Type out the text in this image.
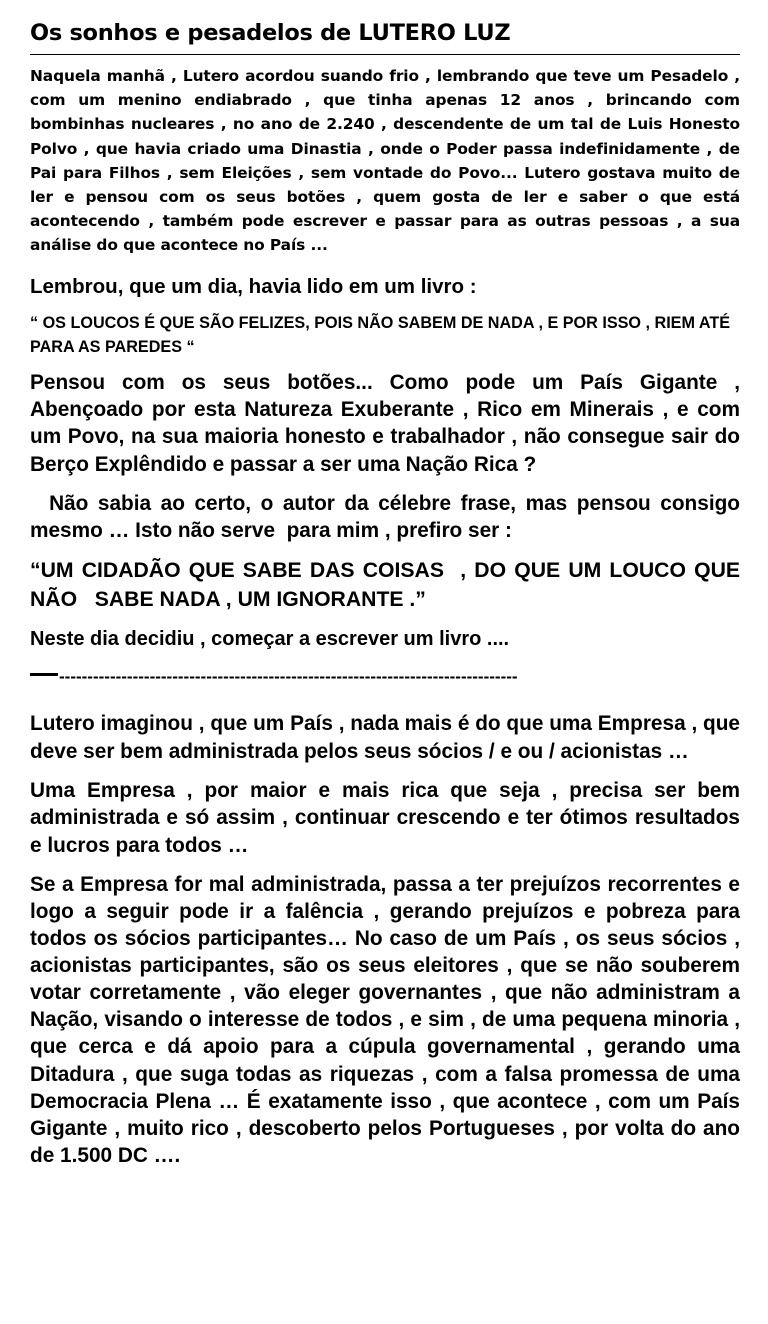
Os sonhos e pesadelos de LUTERO LUZ

Naquela manhã , Lutero acordou suando frio , lembrando que teve um Pesadelo , com um menino endiabrado , que tinha apenas 12 anos , brincando com bombinhas nucleares , no ano de 2.240 , descendente de um tal de Luis Honesto Polvo , que havia criado uma Dinastia , onde o Poder passa indefinidamente , de Pai para Filhos , sem Eleições , sem vontade do Povo... Lutero gostava muito de ler e pensou com os seus botões , quem gosta de ler e saber o que está acontecendo , também pode escrever e passar para as outras pessoas , a sua análise do que acontece no País ...

Lembrou, que um dia, havia lido em um livro :

“ OS LOUCOS É QUE SÃO FELIZES, POIS NÃO SABEM DE NADA , E POR ISSO , RIEM ATÉ PARA AS PAREDES “

Pensou com os seus botões... Como pode um País Gigante , Abençoado por esta Natureza Exuberante , Rico em Minerais , e com um Povo, na sua maioria honesto e trabalhador , não consegue sair do Berço Explêndido e passar a ser uma Nação Rica ?

Não sabia ao certo, o autor da célebre frase, mas pensou consigo mesmo … Isto não serve  para mim , prefiro ser :

“UM CIDADÃO QUE SABE DAS COISAS  , DO QUE UM LOUCO QUE   NÃO   SABE NADA , UM IGNORANTE .”

Neste dia decidiu , começar a escrever um livro ....

---------------------------------------------------------------------------------

Lutero imaginou , que um País , nada mais é do que uma Empresa , que deve ser bem administrada pelos seus sócios / e ou / acionistas …

Uma Empresa , por maior e mais rica que seja , precisa ser bem administrada e só assim , continuar crescendo e ter ótimos resultados e lucros para todos …

Se a Empresa for mal administrada, passa a ter prejuízos recorrentes e logo a seguir pode ir a falência , gerando prejuízos e pobreza para todos os sócios participantes… No caso de um País , os seus sócios , acionistas participantes, são os seus eleitores , que se não souberem votar corretamente , vão eleger governantes , que não administram a Nação, visando o interesse de todos , e sim , de uma pequena minoria , que cerca e dá apoio para a cúpula governamental , gerando uma Ditadura , que suga todas as riquezas , com a falsa promessa de uma Democracia Plena … É exatamente isso , que acontece , com um País Gigante , muito rico , descoberto pelos Portugueses , por volta do ano de 1.500 DC ….
